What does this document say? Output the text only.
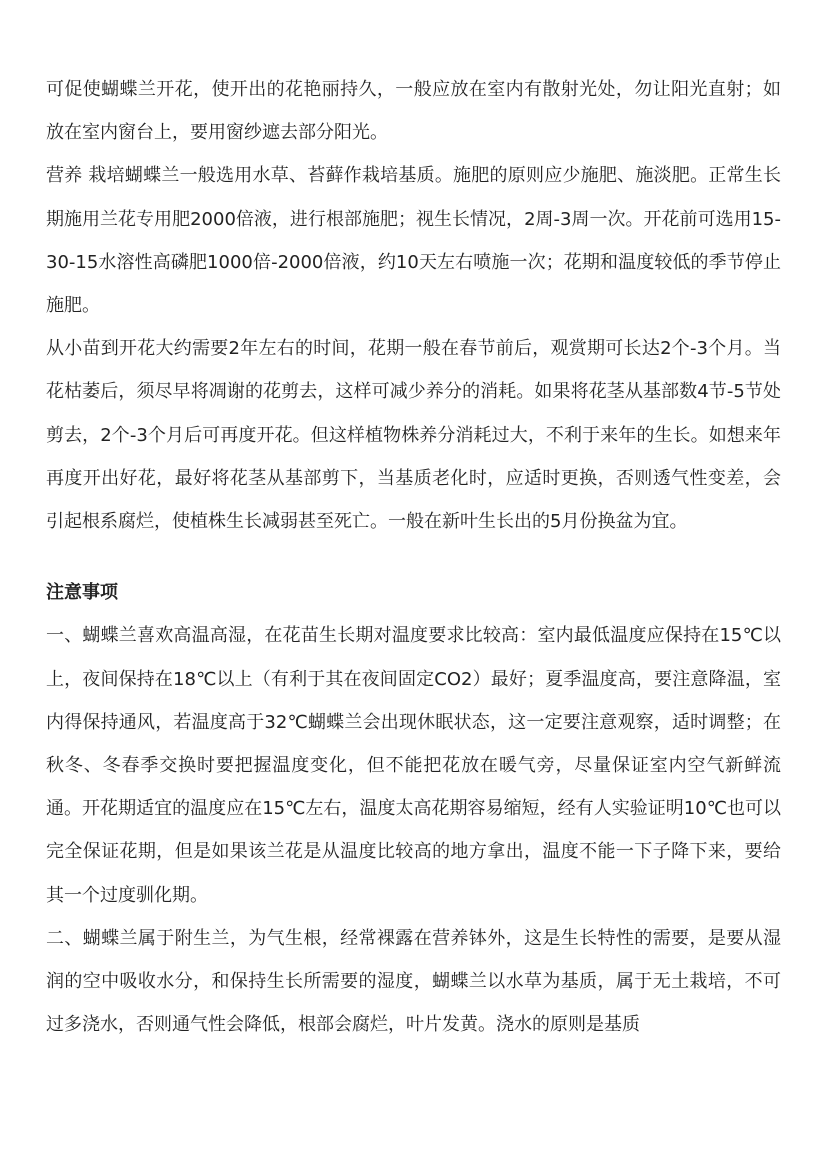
可促使蝴蝶兰开花，使开出的花艳丽持久，一般应放在室内有散射光处，勿让阳光直射；如放在室内窗台上，要用窗纱遮去部分阳光。

营养 栽培蝴蝶兰一般选用水草、苔藓作栽培基质。施肥的原则应少施肥、施淡肥。正常生长期施用兰花专用肥2000倍液，进行根部施肥；视生长情况，2周-3周一次。开花前可选用15-30-15水溶性高磷肥1000倍-2000倍液，约10天左右喷施一次；花期和温度较低的季节停止施肥。

从小苗到开花大约需要2年左右的时间，花期一般在春节前后，观赏期可长达2个-3个月。当花枯萎后，须尽早将凋谢的花剪去，这样可减少养分的消耗。如果将花茎从基部数4节-5节处剪去，2个-3个月后可再度开花。但这样植物株养分消耗过大，不利于来年的生长。如想来年再度开出好花，最好将花茎从基部剪下，当基质老化时，应适时更换，否则透气性变差，会引起根系腐烂，使植株生长减弱甚至死亡。一般在新叶生长出的5月份换盆为宜。

注意事项

一、蝴蝶兰喜欢高温高湿，在花苗生长期对温度要求比较高：室内最低温度应保持在15℃以上，夜间保持在18℃以上（有利于其在夜间固定CO2）最好；夏季温度高，要注意降温，室内得保持通风，若温度高于32℃蝴蝶兰会出现休眠状态，这一定要注意观察，适时调整；在秋冬、冬春季交换时要把握温度变化，但不能把花放在暖气旁，尽量保证室内空气新鲜流通。开花期适宜的温度应在15℃左右，温度太高花期容易缩短，经有人实验证明10℃也可以完全保证花期，但是如果该兰花是从温度比较高的地方拿出，温度不能一下子降下来，要给其一个过度驯化期。

二、蝴蝶兰属于附生兰，为气生根，经常裸露在营养钵外，这是生长特性的需要，是要从湿润的空中吸收水分，和保持生长所需要的湿度，蝴蝶兰以水草为基质，属于无土栽培，不可过多浇水，否则通气性会降低，根部会腐烂，叶片发黄。浇水的原则是基质
